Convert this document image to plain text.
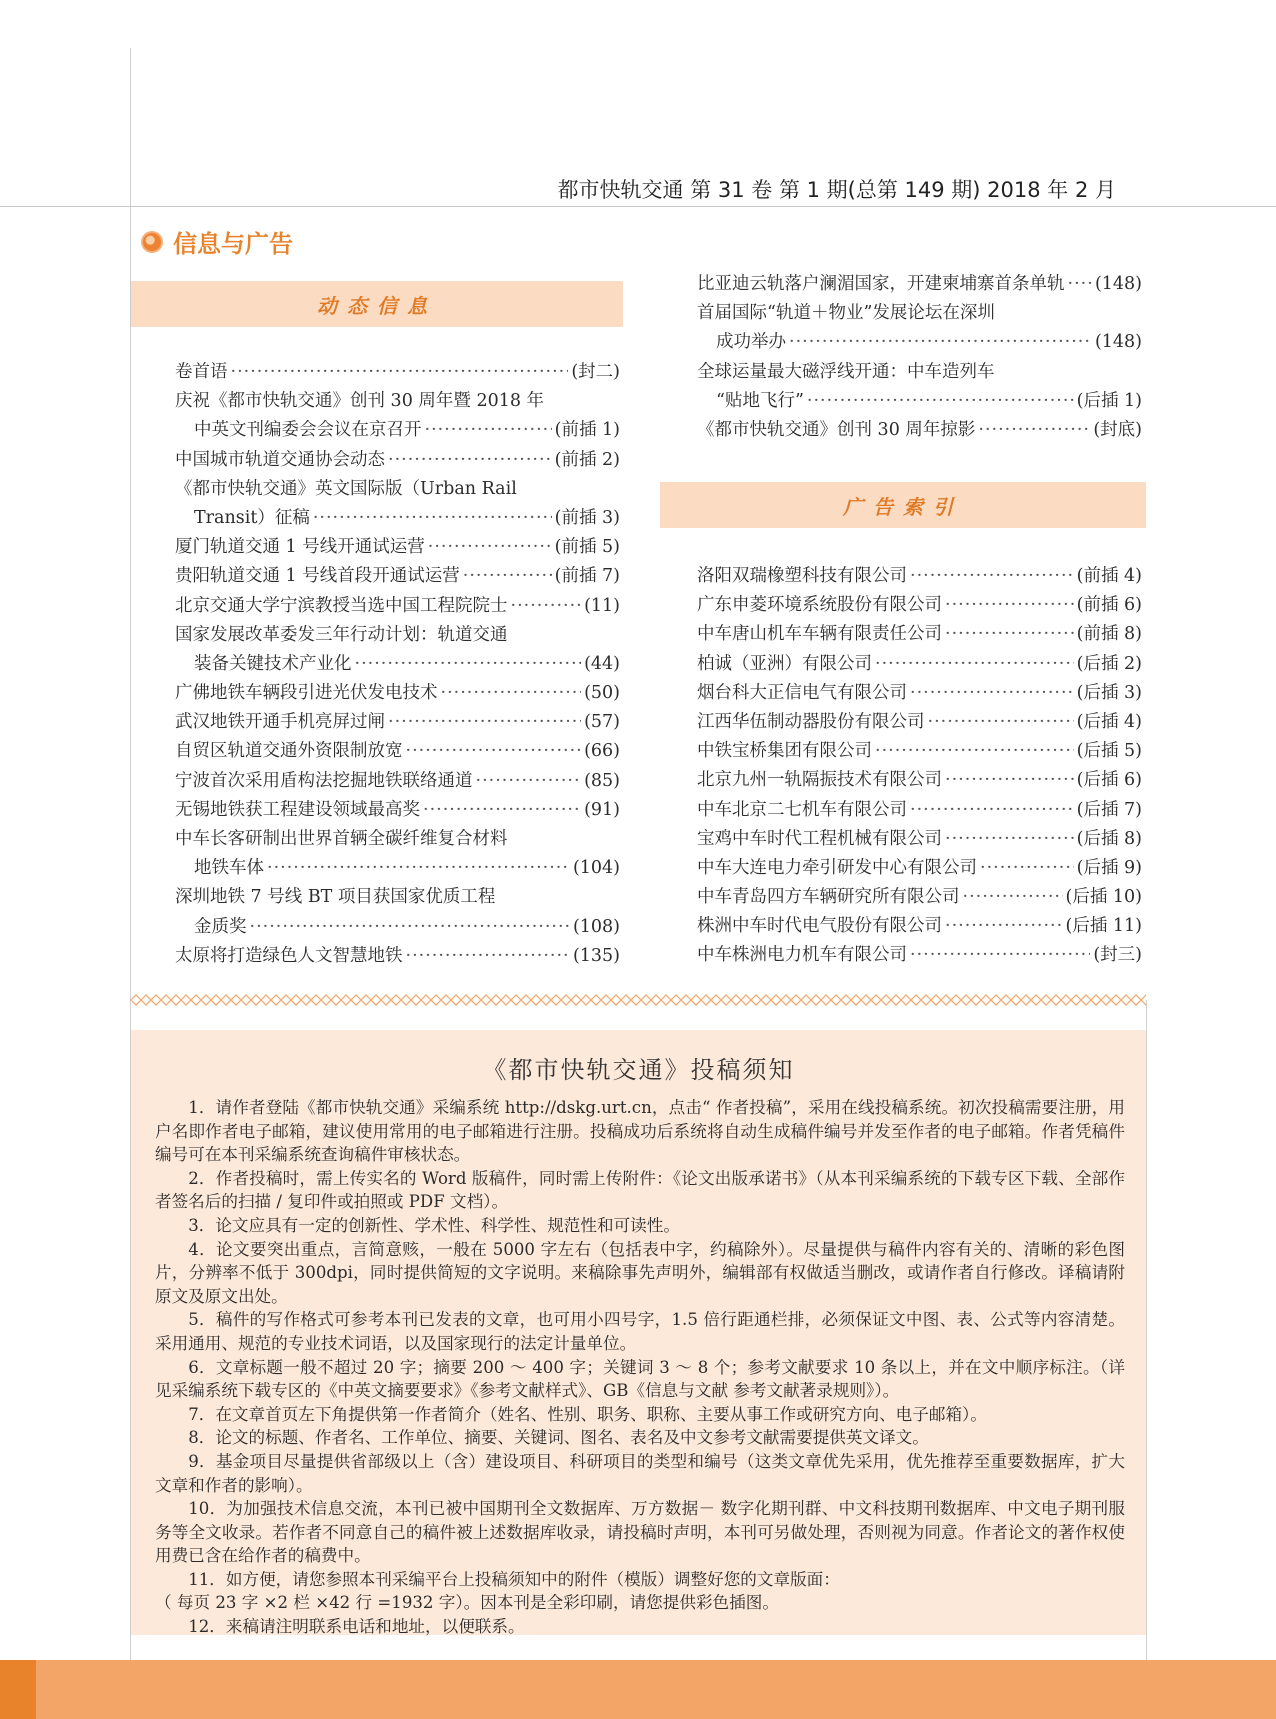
都市快轨交通 第 31 卷 第 1 期(总第 149 期) 2018 年 2 月
信息与广告
动态信息
广告索引
卷首语 ·····	(封二)
庆祝《都市快轨交通》创刊 30 周年暨 2018 年
中英文刊编委会会议在京召开 ·····	(前插 1)
中国城市轨道交通协会动态 ·····	(前插 2)
《都市快轨交通》英文国际版（Urban Rail
Transit）征稿 ·····	(前插 3)
厦门轨道交通 1 号线开通试运营 ·····	(前插 5)
贵阳轨道交通 1 号线首段开通试运营 ·····	(前插 7)
北京交通大学宁滨教授当选中国工程院院士 ·····	(11)
国家发展改革委发三年行动计划：轨道交通
装备关键技术产业化 ·····	(44)
广佛地铁车辆段引进光伏发电技术 ·····	(50)
武汉地铁开通手机亮屏过闸 ·····	(57)
自贸区轨道交通外资限制放宽 ·····	(66)
宁波首次采用盾构法挖掘地铁联络通道 ·····	(85)
无锡地铁获工程建设领域最高奖 ·····	(91)
中车长客研制出世界首辆全碳纤维复合材料
地铁车体 ·····	(104)
深圳地铁 7 号线 BT 项目获国家优质工程
金质奖 ·····	(108)
太原将打造绿色人文智慧地铁 ·····	(135)
比亚迪云轨落户澜湄国家，开建柬埔寨首条单轨 ····· (148)
首届国际“轨道＋物业”发展论坛在深圳
成功举办 ·····	(148)
全球运量最大磁浮线开通：中车造列车
“贴地飞行” ·····	(后插 1)
《都市快轨交通》创刊 30 周年掠影 ·····	(封底)
洛阳双瑞橡塑科技有限公司 ·····	(前插 4)
广东申菱环境系统股份有限公司 ·····	(前插 6)
中车唐山机车车辆有限责任公司 ·····	(前插 8)
柏诚（亚洲）有限公司 ·····	(后插 2)
烟台科大正信电气有限公司 ·····	(后插 3)
江西华伍制动器股份有限公司 ·····	(后插 4)
中铁宝桥集团有限公司 ·····	(后插 5)
北京九州一轨隔振技术有限公司 ·····	(后插 6)
中车北京二七机车有限公司 ·····	(后插 7)
宝鸡中车时代工程机械有限公司 ·····	(后插 8)
中车大连电力牵引研发中心有限公司 ·····	(后插 9)
中车青岛四方车辆研究所有限公司 ·····	(后插 10)
株洲中车时代电气股份有限公司 ·····	(后插 11)
中车株洲电力机车有限公司 ·····	(封三)
《都市快轨交通》投稿须知

1．请作者登陆《都市快轨交通》采编系统 http://dskg.urt.cn，点击“ 作者投稿”，采用在线投稿系统。初次投稿需要注册，用户名即作者电子邮箱，建议使用常用的电子邮箱进行注册。投稿成功后系统将自动生成稿件编号并发至作者的电子邮箱。作者凭稿件编号可在本刊采编系统查询稿件审核状态。

2．作者投稿时，需上传实名的 Word 版稿件，同时需上传附件：《论文出版承诺书》（从本刊采编系统的下载专区下载、全部作者签名后的扫描 / 复印件或拍照或 PDF 文档）。

3．论文应具有一定的创新性、学术性、科学性、规范性和可读性。

4．论文要突出重点，言简意赅，一般在 5000 字左右（包括表中字，约稿除外）。尽量提供与稿件内容有关的、清晰的彩色图片，分辨率不低于 300dpi，同时提供简短的文字说明。来稿除事先声明外，编辑部有权做适当删改，或请作者自行修改。译稿请附原文及原文出处。

5．稿件的写作格式可参考本刊已发表的文章，也可用小四号字，1.5 倍行距通栏排，必须保证文中图、表、公式等内容清楚。采用通用、规范的专业技术词语，以及国家现行的法定计量单位。

6．文章标题一般不超过 20 字；摘要 200 ～ 400 字；关键词 3 ～ 8 个；参考文献要求 10 条以上，并在文中顺序标注。（详见采编系统下载专区的《中英文摘要要求》《参考文献样式》、GB《信息与文献 参考文献著录规则》）。

7．在文章首页左下角提供第一作者简介（姓名、性别、职务、职称、主要从事工作或研究方向、电子邮箱）。

8．论文的标题、作者名、工作单位、摘要、关键词、图名、表名及中文参考文献需要提供英文译文。

9．基金项目尽量提供省部级以上（含）建设项目、科研项目的类型和编号（这类文章优先采用，优先推荐至重要数据库，扩大文章和作者的影响）。

10．为加强技术信息交流，本刊已被中国期刊全文数据库、万方数据－ 数字化期刊群、中文科技期刊数据库、中文电子期刊服务等全文收录。若作者不同意自己的稿件被上述数据库收录，请投稿时声明，本刊可另做处理，否则视为同意。作者论文的著作权使用费已含在给作者的稿费中。

11．如方便，请您参照本刊采编平台上投稿须知中的附件（模版）调整好您的文章版面：

（ 每页 23 字 ×2 栏 ×42 行 =1932 字）。因本刊是全彩印刷，请您提供彩色插图。

12．来稿请注明联系电话和地址，以便联系。
